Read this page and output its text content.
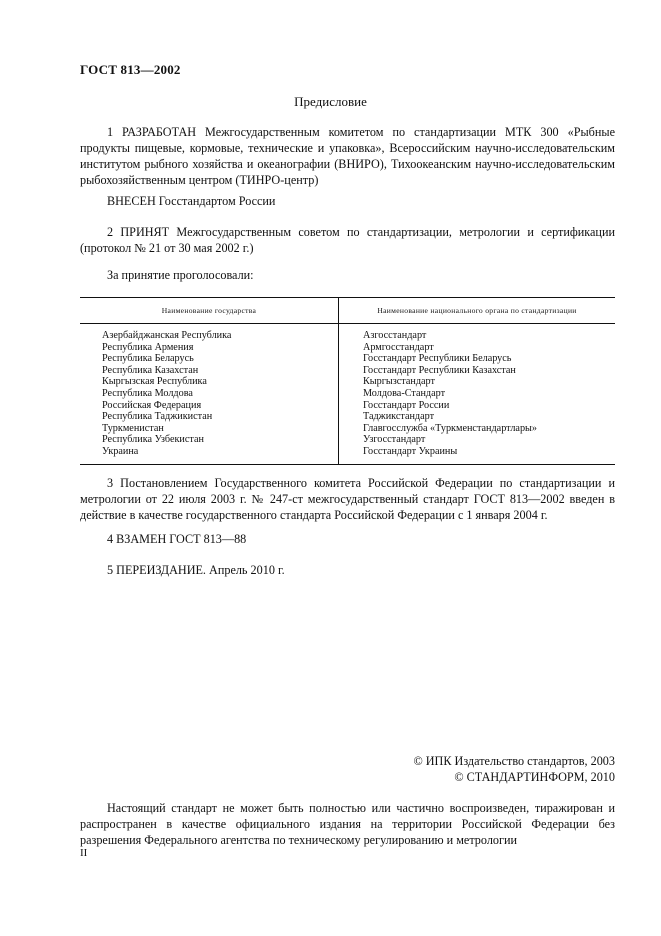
ГОСТ 813—2002
Предисловие
1 РАЗРАБОТАН Межгосударственным комитетом по стандартизации МТК 300 «Рыбные продукты пищевые, кормовые, технические и упаковка», Всероссийским научно-исследовательским институтом рыбного хозяйства и океанографии (ВНИРО), Тихоокеанским научно-исследовательским рыбохозяйственным центром (ТИНРО-центр)
ВНЕСЕН Госстандартом России
2 ПРИНЯТ Межгосударственным советом по стандартизации, метрологии и сертификации (протокол № 21 от 30 мая 2002 г.)
За принятие проголосовали:
Наименование государства	Наименование национального органа по стандартизации
Азербайджанская Республика	Азгосстандарт
Республика Армения	Армгосстандарт
Республика Беларусь	Госстандарт Республики Беларусь
Республика Казахстан	Госстандарт Республики Казахстан
Кыргызская Республика	Кыргызстандарт
Республика Молдова	Молдова-Стандарт
Российская Федерация	Госстандарт России
Республика Таджикистан	Таджикстандарт
Туркменистан	Главгосслужба «Туркменстандартлары»
Республика Узбекистан	Узгосстандарт
Украина	Госстандарт Украины
3 Постановлением Государственного комитета Российской Федерации по стандартизации и метрологии от 22 июля 2003 г. № 247-ст межгосударственный стандарт ГОСТ 813—2002 введен в действие в качестве государственного стандарта Российской Федерации с 1 января 2004 г.
4 ВЗАМЕН ГОСТ 813—88
5 ПЕРЕИЗДАНИЕ. Апрель 2010 г.
© ИПК Издательство стандартов, 2003
© СТАНДАРТИНФОРМ, 2010
Настоящий стандарт не может быть полностью или частично воспроизведен, тиражирован и распространен в качестве официального издания на территории Российской Федерации без разрешения Федерального агентства по техническому регулированию и метрологии
II
